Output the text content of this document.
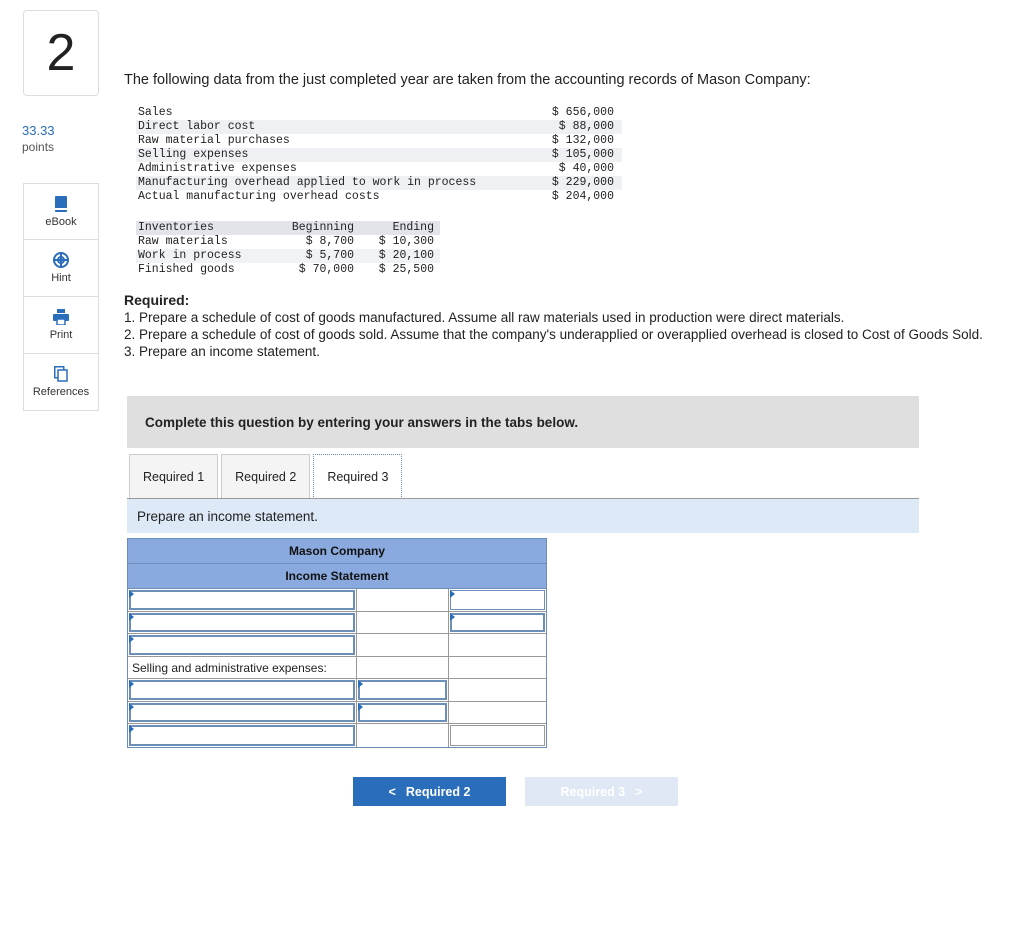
2
33.33
points
eBook
Hint
Print
References
The following data from the just completed year are taken from the accounting records of Mason Company:
Sales	$ 656,000
Direct labor cost	$ 88,000
Raw material purchases	$ 132,000
Selling expenses	$ 105,000
Administrative expenses	$ 40,000
Manufacturing overhead applied to work in process	$ 229,000
Actual manufacturing overhead costs	$ 204,000
Inventories	Beginning	Ending
Raw materials	$ 8,700	$ 10,300
Work in process	$ 5,700	$ 20,100
Finished goods	$ 70,000	$ 25,500
Required:
1. Prepare a schedule of cost of goods manufactured. Assume all raw materials used in production were direct materials.
2. Prepare a schedule of cost of goods sold. Assume that the company's underapplied or overapplied overhead is closed to Cost of Goods Sold.
3. Prepare an income statement.
Complete this question by entering your answers in the tabs below.
Required 1	Required 2	Required 3
Prepare an income statement.
Mason Company
Income Statement
Selling and administrative expenses:
< Required 2	Required 3 >
